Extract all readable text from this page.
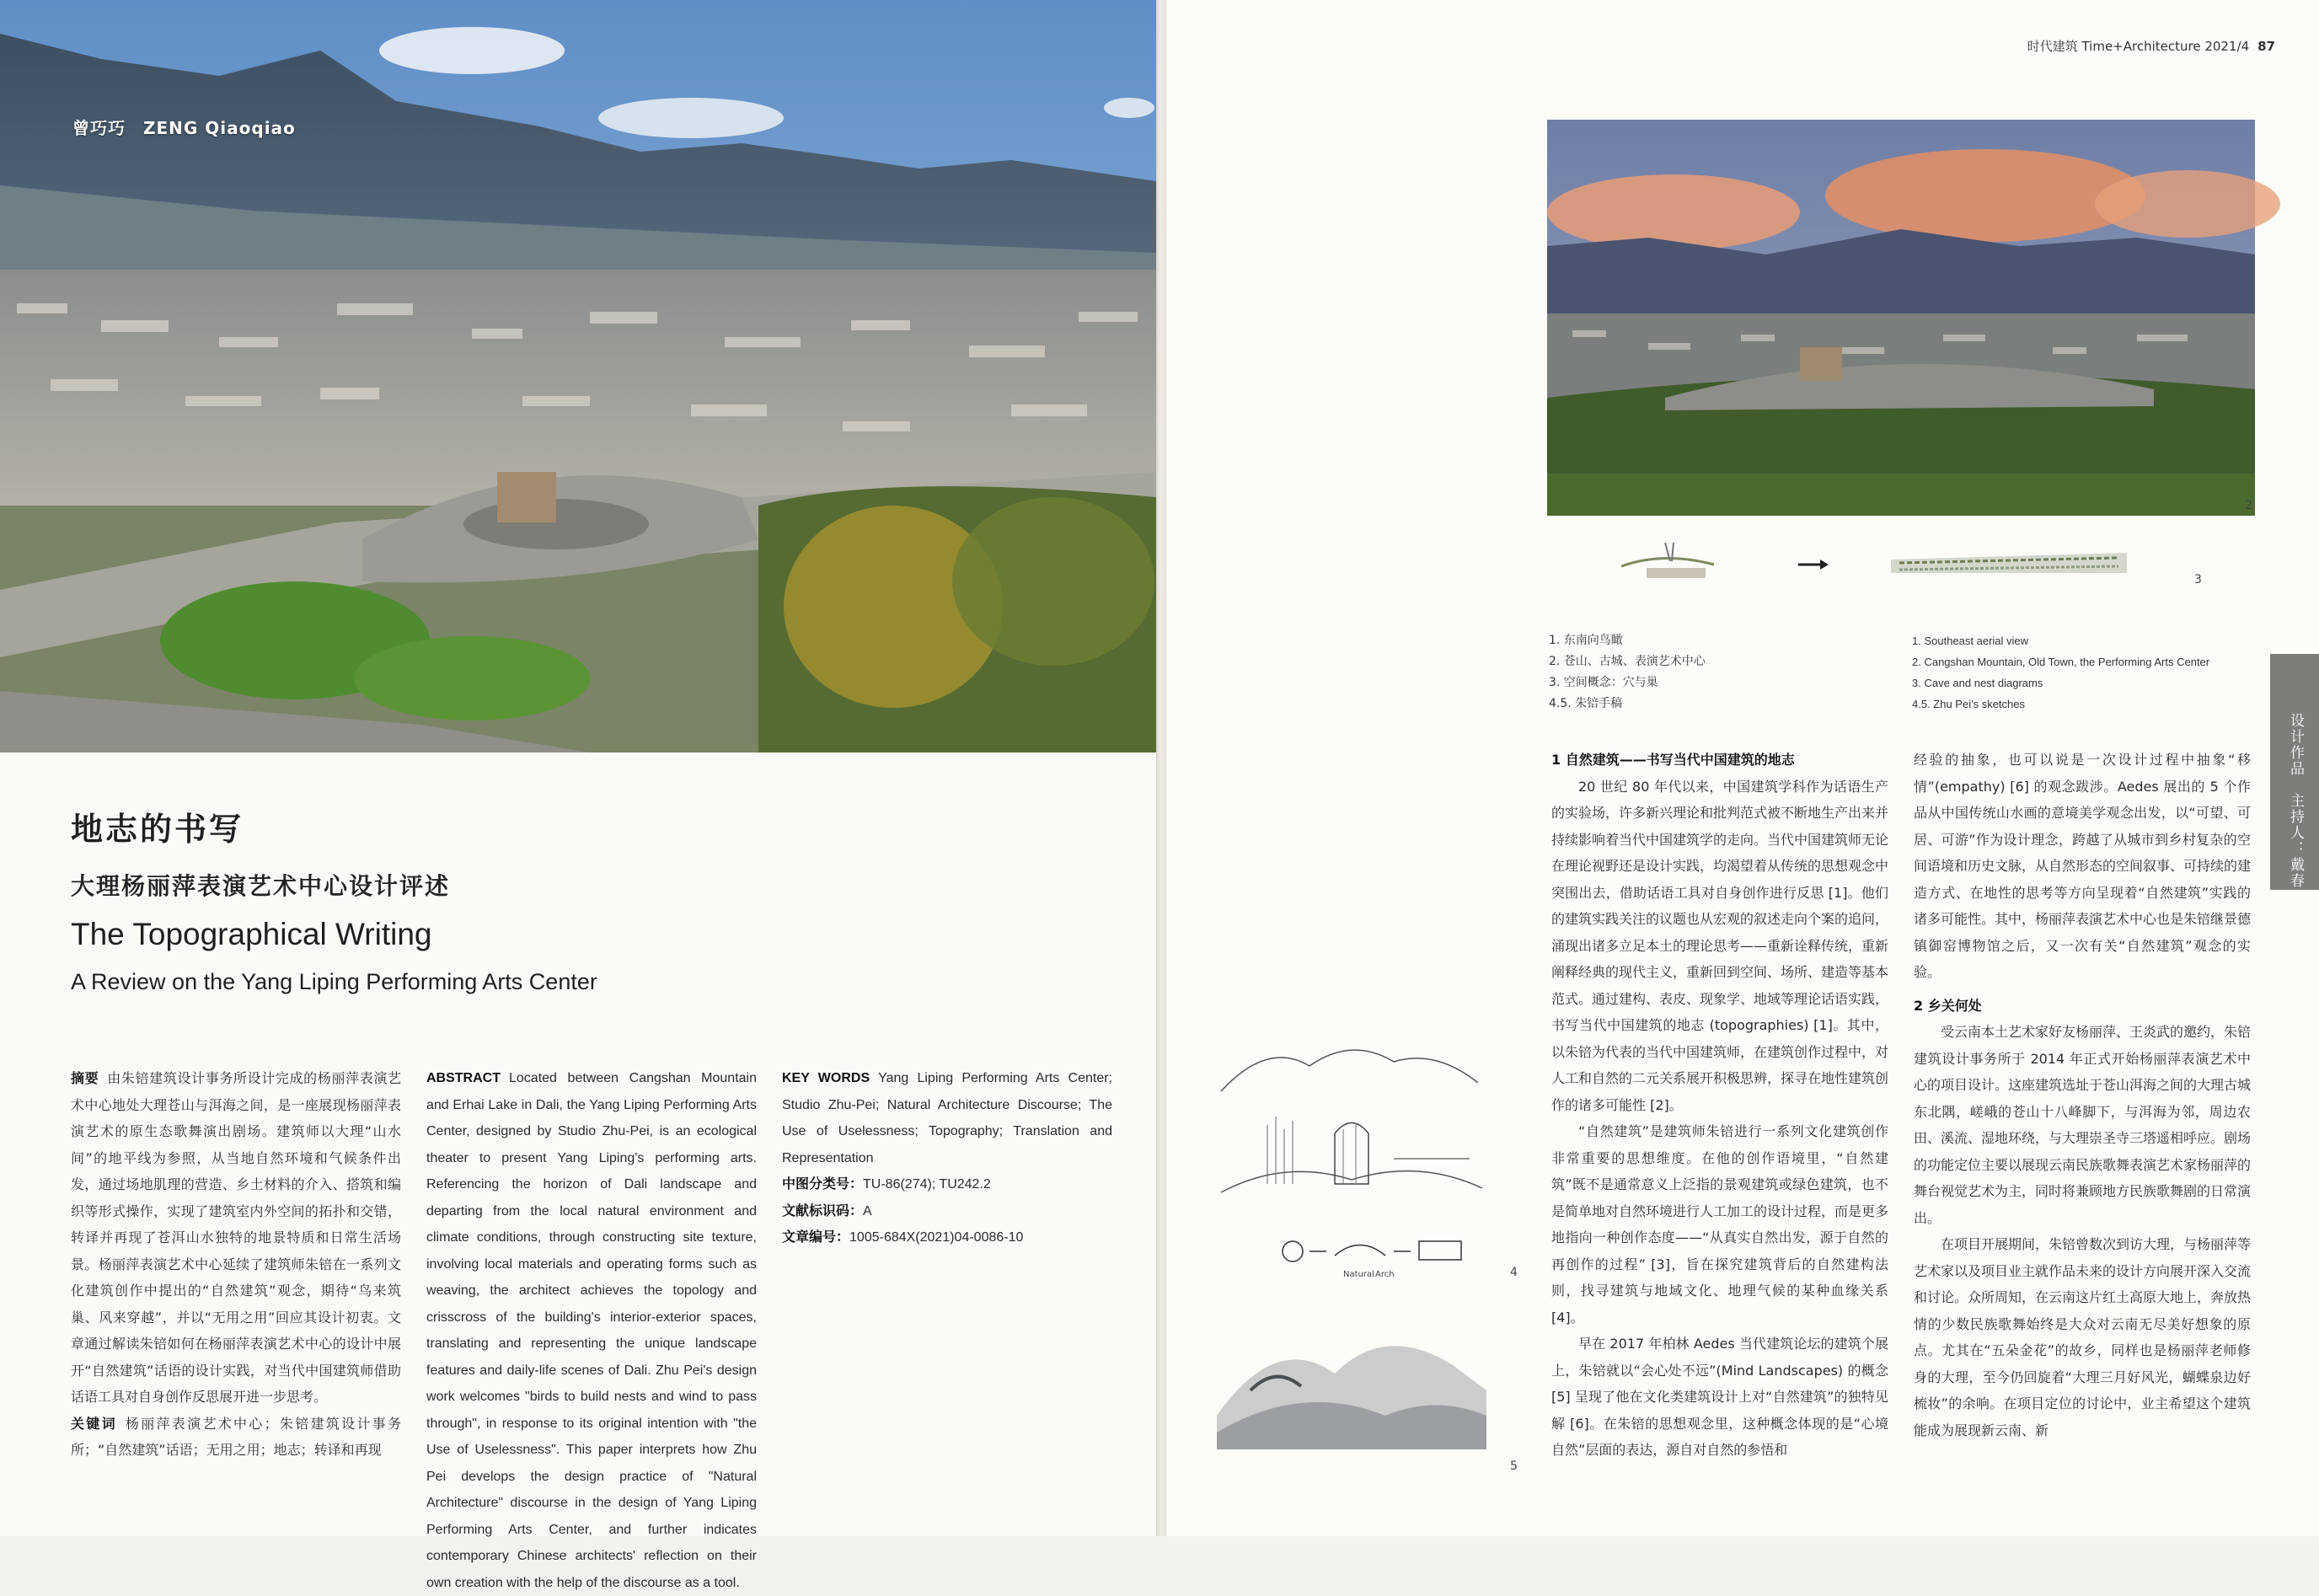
曾巧巧　ZENG Qiaoqiao
地志的书写
大理杨丽萍表演艺术中心设计评述
The Topographical Writing
A Review on the Yang Liping Performing Arts Center

摘要 由朱锫建筑设计事务所设计完成的杨丽萍表演艺术中心地处大理苍山与洱海之间，是一座展现杨丽萍表演艺术的原生态歌舞演出剧场。建筑师以大理“山水间”的地平线为参照，从当地自然环境和气候条件出发，通过场地肌理的营造、乡土材料的介入、搭筑和编织等形式操作，实现了建筑室内外空间的拓扑和交错，转译并再现了苍洱山水独特的地景特质和日常生活场景。杨丽萍表演艺术中心延续了建筑师朱锫在一系列文化建筑创作中提出的“自然建筑”观念，期待“鸟来筑巢、风来穿越”，并以“无用之用”回应其设计初衷。文章通过解读朱锫如何在杨丽萍表演艺术中心的设计中展开“自然建筑”话语的设计实践，对当代中国建筑师借助话语工具对自身创作反思展开进一步思考。

关键词 杨丽萍表演艺术中心；朱锫建筑设计事务所；“自然建筑”话语；无用之用；地志；转译和再现

ABSTRACT Located between Cangshan Mountain and Erhai Lake in Dali, the Yang Liping Performing Arts Center, designed by Studio Zhu-Pei, is an ecological theater to present Yang Liping's performing arts. Referencing the horizon of Dali landscape and departing from the local natural environment and climate conditions, through constructing site texture, involving local materials and operating forms such as weaving, the architect achieves the topology and crisscross of the building's interior-exterior spaces, translating and representing the unique landscape features and daily-life scenes of Dali. Zhu Pei's design work welcomes "birds to build nests and wind to pass through", in response to its original intention with "the Use of Uselessness". This paper interprets how Zhu Pei develops the design practice of "Natural Architecture" discourse in the design of Yang Liping Performing Arts Center, and further indicates contemporary Chinese architects' reflection on their own creation with the help of the discourse as a tool.

KEY WORDS Yang Liping Performing Arts Center; Studio Zhu-Pei; Natural Architecture Discourse; The Use of Uselessness; Topography; Translation and Representation

中图分类号：TU-86(274); TU242.2

文献标识码：A

文章编号：1005-684X(2021)04-0086-10

时代建筑 Time+Architecture 2021/4 87
2
3
1. 东南向鸟瞰
2. 苍山、古城、表演艺术中心
3. 空间概念：穴与巢
4.5. 朱锫手稿
1. Southeast aerial view
2. Cangshan Mountain, Old Town, the Performing Arts Center
3. Cave and nest diagrams
4.5. Zhu Pei's sketches
设计作品　主持人：戴春
Natural Arch	4
5
1 自然建筑——书写当代中国建筑的地志

20 世纪 80 年代以来，中国建筑学科作为话语生产的实验场，许多新兴理论和批判范式被不断地生产出来并持续影响着当代中国建筑学的走向。当代中国建筑师无论在理论视野还是设计实践，均渴望着从传统的思想观念中突围出去，借助话语工具对自身创作进行反思 [1]。他们的建筑实践关注的议题也从宏观的叙述走向个案的追问，涌现出诸多立足本土的理论思考——重新诠释传统，重新阐释经典的现代主义，重新回到空间、场所、建造等基本范式。通过建构、表皮、现象学、地域等理论话语实践，书写当代中国建筑的地志 (topographies) [1]。其中，以朱锫为代表的当代中国建筑师，在建筑创作过程中，对人工和自然的二元关系展开积极思辨，探寻在地性建筑创作的诸多可能性 [2]。

“自然建筑”是建筑师朱锫进行一系列文化建筑创作非常重要的思想维度。在他的创作语境里，“自然建筑”既不是通常意义上泛指的景观建筑或绿色建筑，也不是简单地对自然环境进行人工加工的设计过程，而是更多地指向一种创作态度——“从真实自然出发，源于自然的再创作的过程” [3]，旨在探究建筑背后的自然建构法则，找寻建筑与地域文化、地理气候的某种血缘关系 [4]。

早在 2017 年柏林 Aedes 当代建筑论坛的建筑个展上，朱锫就以“会心处不远”(Mind Landscapes) 的概念 [5] 呈现了他在文化类建筑设计上对“自然建筑”的独特见解 [6]。在朱锫的思想观念里，这种概念体现的是“心境自然”层面的表达，源自对自然的参悟和

经验的抽象，也可以说是一次设计过程中抽象“移情”(empathy) [6] 的观念跋涉。Aedes 展出的 5 个作品从中国传统山水画的意境美学观念出发，以“可望、可居、可游”作为设计理念，跨越了从城市到乡村复杂的空间语境和历史文脉，从自然形态的空间叙事、可持续的建造方式、在地性的思考等方向呈现着“自然建筑”实践的诸多可能性。其中，杨丽萍表演艺术中心也是朱锫继景德镇御窑博物馆之后，又一次有关“自然建筑”观念的实验。

2 乡关何处

受云南本土艺术家好友杨丽萍、王炎武的邀约，朱锫建筑设计事务所于 2014 年正式开始杨丽萍表演艺术中心的项目设计。这座建筑选址于苍山洱海之间的大理古城东北隅，嵯峨的苍山十八峰脚下，与洱海为邻，周边农田、溪流、湿地环绕，与大理崇圣寺三塔遥相呼应。剧场的功能定位主要以展现云南民族歌舞表演艺术家杨丽萍的舞台视觉艺术为主，同时将兼顾地方民族歌舞剧的日常演出。

在项目开展期间，朱锫曾数次到访大理，与杨丽萍等艺术家以及项目业主就作品未来的设计方向展开深入交流和讨论。众所周知，在云南这片红土高原大地上，奔放热情的少数民族歌舞始终是大众对云南无尽美好想象的原点。尤其在“五朵金花”的故乡，同样也是杨丽萍老师修身的大理，至今仍回旋着“大理三月好风光，蝴蝶泉边好梳妆”的余响。在项目定位的讨论中，业主希望这个建筑能成为展现新云南、新
